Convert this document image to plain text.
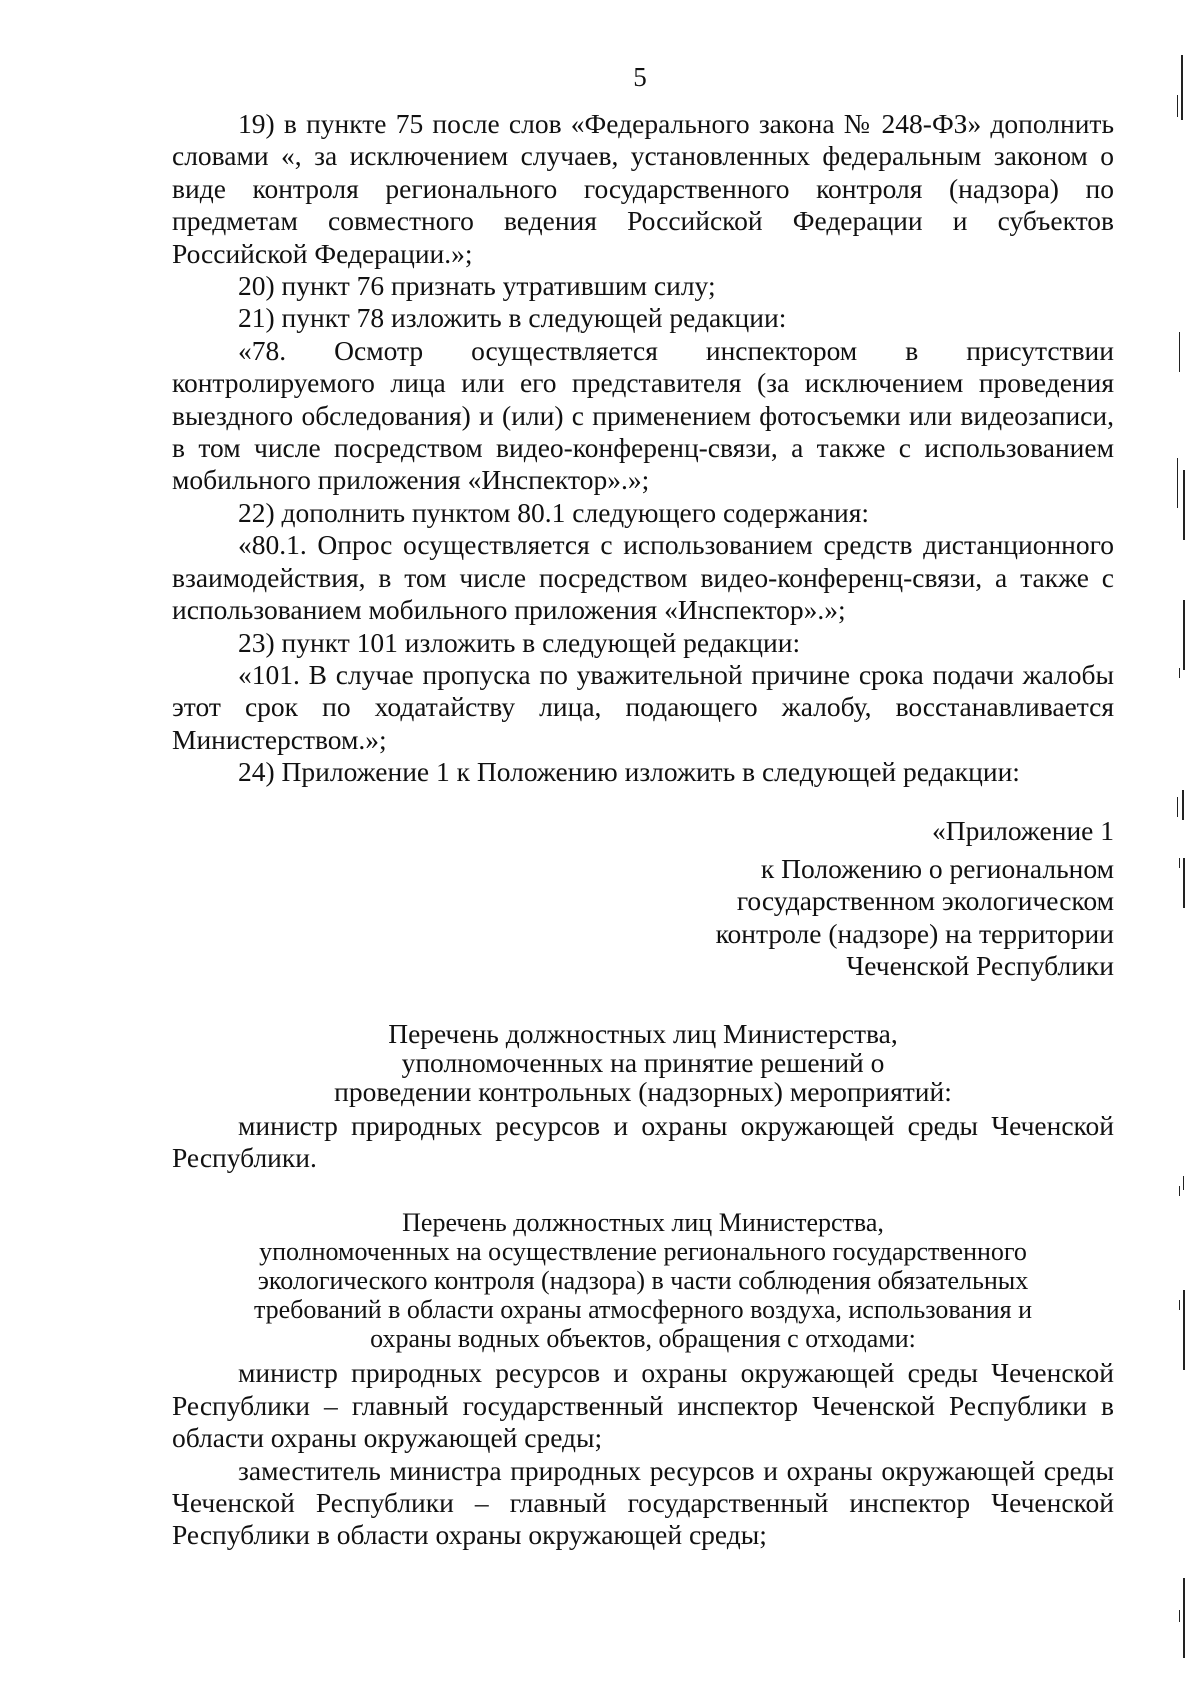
5

19) в пункте 75 после слов «Федерального закона № 248-ФЗ» дополнить словами «, за исключением случаев, установленных федеральным законом о виде контроля регионального государственного контроля (надзора) по предметам совместного ведения Российской Федерации и субъектов Российской Федерации.»;

20) пункт 76 признать утратившим силу;

21) пункт 78 изложить в следующей редакции:

«78. Осмотр осуществляется инспектором в присутствии контролируемого лица или его представителя (за исключением проведения выездного обследования) и (или) с применением фотосъемки или видеозаписи, в том числе посредством видео-конференц-связи, а также с использованием мобильного приложения «Инспектор».»;

22) дополнить пунктом 80.1 следующего содержания:

«80.1. Опрос осуществляется с использованием средств дистанционного взаимодействия, в том числе посредством видео-конференц-связи, а также с использованием мобильного приложения «Инспектор».»;

23) пункт 101 изложить в следующей редакции:

«101. В случае пропуска по уважительной причине срока подачи жалобы этот срок по ходатайству лица, подающего жалобу, восстанавливается Министерством.»;

24) Приложение 1 к Положению изложить в следующей редакции:

«Приложение 1
к Положению о региональном
государственном экологическом
контроле (надзоре) на территории
Чеченской Республики
Перечень должностных лиц Министерства,
уполномоченных на принятие решений о
проведении контрольных (надзорных) мероприятий:

министр природных ресурсов и охраны окружающей среды Чеченской Республики.

Перечень должностных лиц Министерства,
уполномоченных на осуществление регионального государственного
экологического контроля (надзора) в части соблюдения обязательных
требований в области охраны атмосферного воздуха, использования и
охраны водных объектов, обращения с отходами:

министр природных ресурсов и охраны окружающей среды Чеченской Республики – главный государственный инспектор Чеченской Республики в области охраны окружающей среды;

заместитель министра природных ресурсов и охраны окружающей среды Чеченской Республики – главный государственный инспектор Чеченской Республики в области охраны окружающей среды;
